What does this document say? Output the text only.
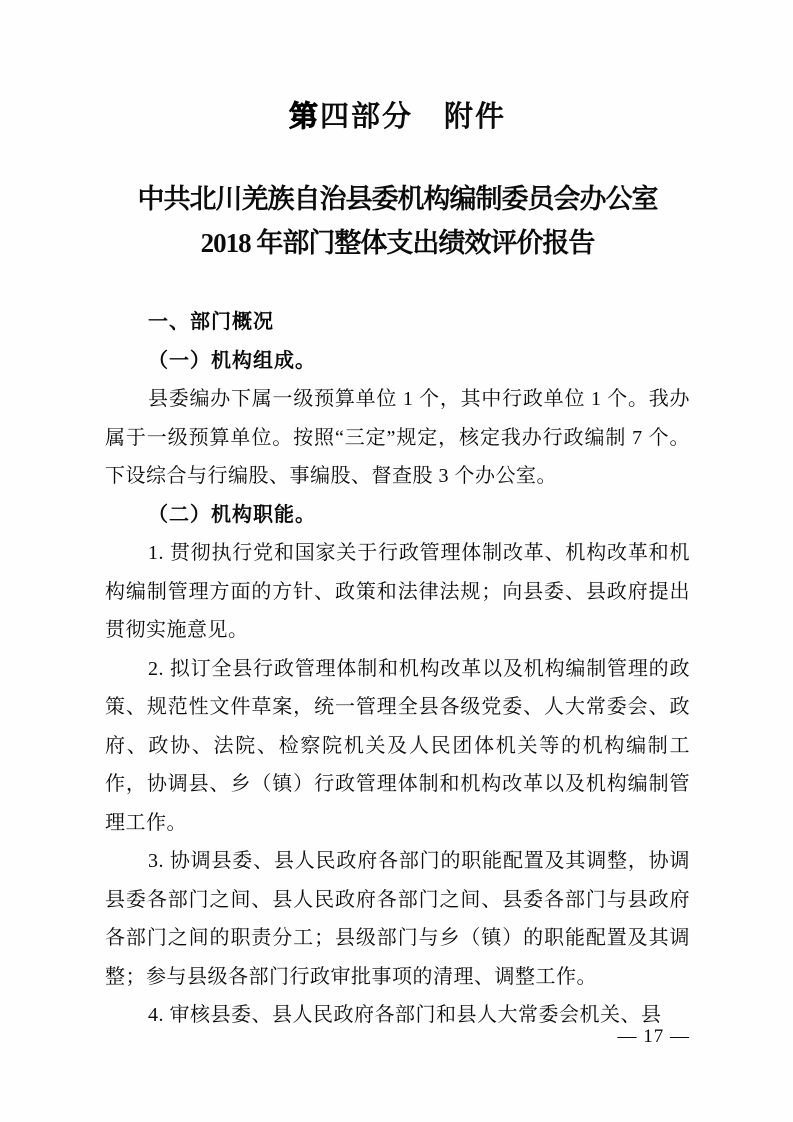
第四部分　附件
中共北川羌族自治县委机构编制委员会办公室
2018 年部门整体支出绩效评价报告

一、部门概况

（一）机构组成。

县委编办下属一级预算单位 1 个，其中行政单位 1 个。我办属于一级预算单位。按照“三定”规定，核定我办行政编制 7 个。下设综合与行编股、事编股、督查股 3 个办公室。

（二）机构职能。

1. 贯彻执行党和国家关于行政管理体制改革、机构改革和机构编制管理方面的方针、政策和法律法规；向县委、县政府提出贯彻实施意见。

2. 拟订全县行政管理体制和机构改革以及机构编制管理的政策、规范性文件草案，统一管理全县各级党委、人大常委会、政府、政协、法院、检察院机关及人民团体机关等的机构编制工作，协调县、乡（镇）行政管理体制和机构改革以及机构编制管理工作。

3. 协调县委、县人民政府各部门的职能配置及其调整，协调县委各部门之间、县人民政府各部门之间、县委各部门与县政府各部门之间的职责分工；县级部门与乡（镇）的职能配置及其调整；参与县级各部门行政审批事项的清理、调整工作。

4. 审核县委、县人民政府各部门和县人大常委会机关、县

— 17 —
